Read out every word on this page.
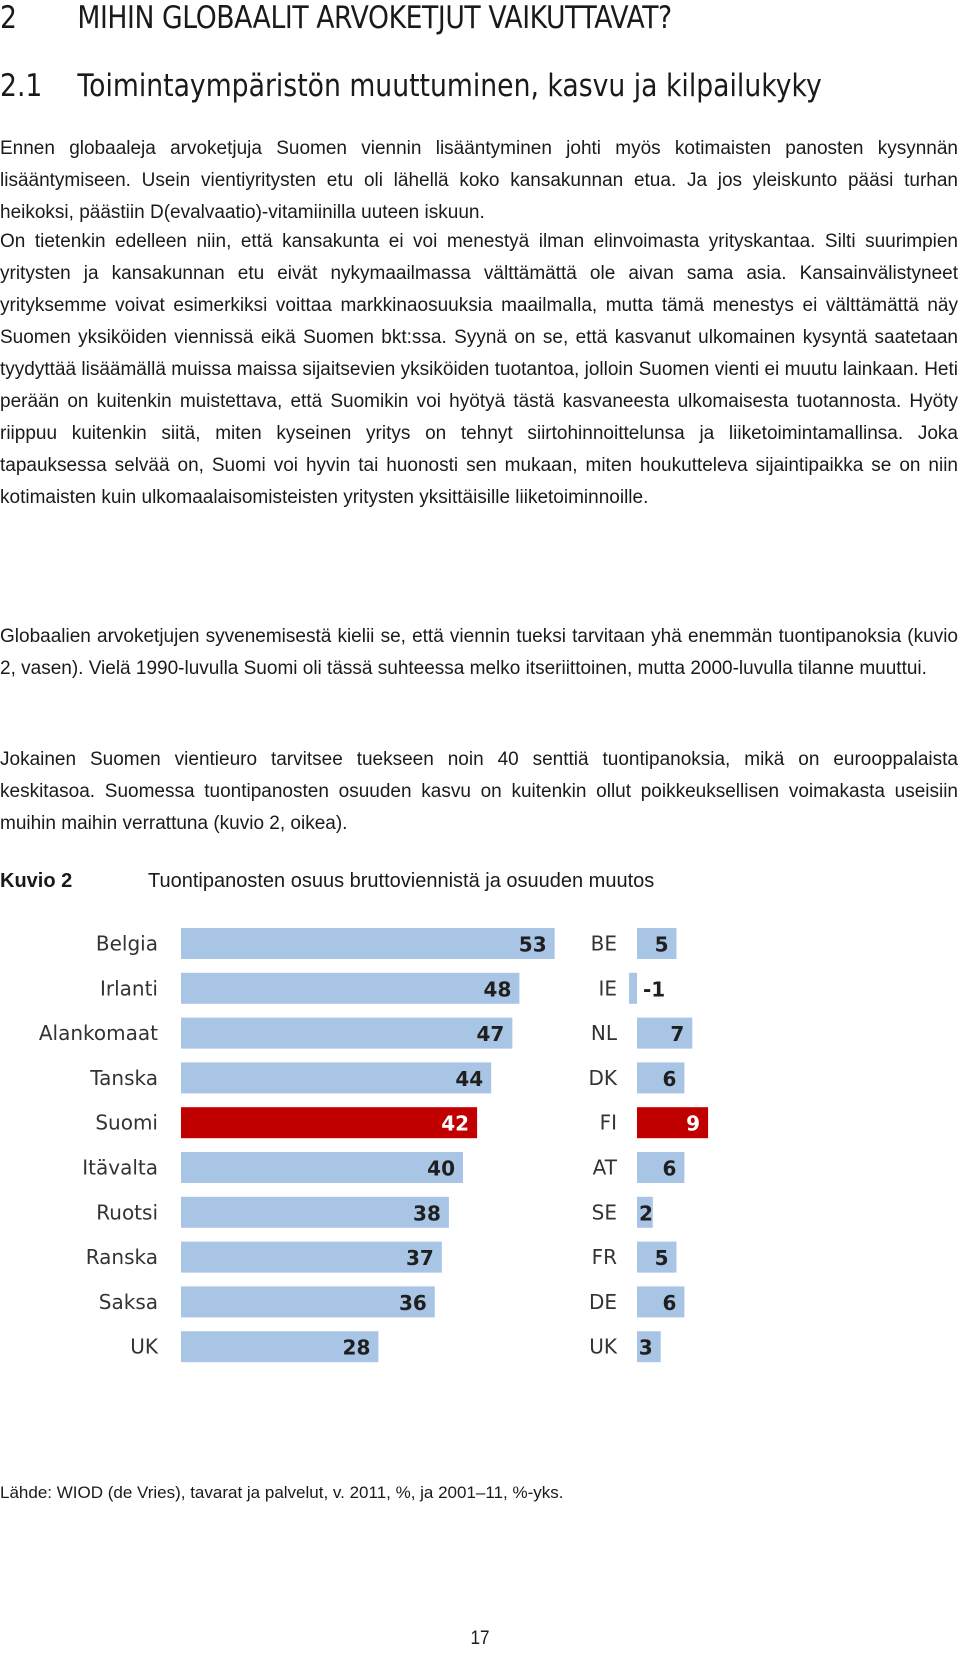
2 MIHIN GLOBAALIT ARVOKETJUT VAIKUTTAVAT?
2.1 Toimintaympäristön muuttuminen, kasvu ja kilpailukyky

Ennen globaaleja arvoketjuja Suomen viennin lisääntyminen johti myös kotimaisten panosten kysynnän lisääntymiseen. Usein vientiyritysten etu oli lähellä koko kansakunnan etua. Ja jos yleiskunto pääsi turhan heikoksi, päästiin D(evalvaatio)-vitamiinilla uuteen iskuun.

On tietenkin edelleen niin, että kansakunta ei voi menestyä ilman elinvoimasta yrityskantaa. Silti suurimpien yritysten ja kansakunnan etu eivät nykymaailmassa välttämättä ole aivan sama asia. Kansainvälistyneet yrityksemme voivat esimerkiksi voittaa markkinaosuuksia maailmalla, mutta tämä menestys ei välttämättä näy Suomen yksiköiden viennissä eikä Suomen bkt:ssa. Syynä on se, että kasvanut ulkomainen kysyntä saatetaan tyydyttää lisäämällä muissa maissa sijaitsevien yksiköiden tuotantoa, jolloin Suomen vienti ei muutu lainkaan. Heti perään on kuitenkin muistettava, että Suomikin voi hyötyä tästä kasvaneesta ulkomaisesta tuotannosta. Hyöty riippuu kuitenkin siitä, miten kyseinen yritys on tehnyt siirtohinnoittelunsa ja liiketoimintamallinsa. Joka tapauksessa selvää on, Suomi voi hyvin tai huonosti sen mukaan, miten houkutteleva sijaintipaikka se on niin kotimaisten kuin ulkomaalaisomisteisten yritysten yksittäisille liiketoiminnoille.

Globaalien arvoketjujen syvenemisestä kielii se, että viennin tueksi tarvitaan yhä enemmän tuontipanoksia (kuvio 2, vasen). Vielä 1990-luvulla Suomi oli tässä suhteessa melko itseriittoinen, mutta 2000-luvulla tilanne muuttui.

Jokainen Suomen vientieuro tarvitsee tuekseen noin 40 senttiä tuontipanoksia, mikä on eurooppalaista keskitasoa. Suomessa tuontipanosten osuuden kasvu on kuitenkin ollut poikkeuksellisen voimakasta useisiin muihin maihin verrattuna (kuvio 2, oikea).

Kuvio 2	Tuontipanosten osuus bruttoviennistä ja osuuden muutos
Belgia	53
Irlanti	48
Alankomaat	47
Tanska	44
Suomi	42
Itävalta	40
Ruotsi	38
Ranska	37
Saksa	36
UK	28
BE 5
IE -1
NL	7
DK 6
FI	9
AT 6
SE 2
FR 5
DE 6
UK 3
Lähde: WIOD (de Vries), tavarat ja palvelut, v. 2011, %, ja 2001–11, %-yks.
17
